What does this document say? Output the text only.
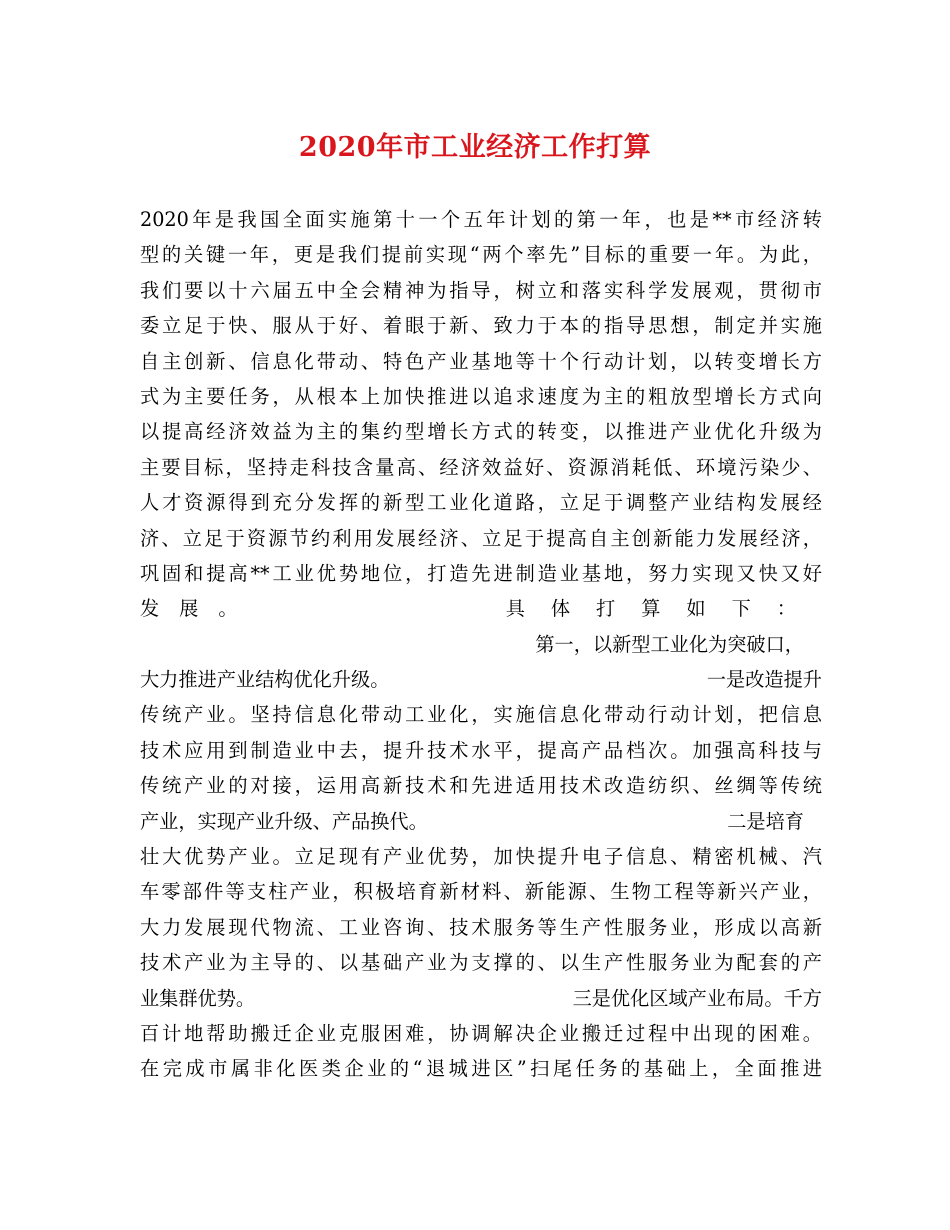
2020年市工业经济工作打算
2020年是我国全面实施第十一个五年计划的第一年，也是**市经济转
型的关键一年，更是我们提前实现“两个率先”目标的重要一年。为此，
我们要以十六届五中全会精神为指导，树立和落实科学发展观，贯彻市
委立足于快、服从于好、着眼于新、致力于本的指导思想，制定并实施
自主创新、信息化带动、特色产业基地等十个行动计划，以转变增长方
式为主要任务，从根本上加快推进以追求速度为主的粗放型增长方式向
以提高经济效益为主的集约型增长方式的转变，以推进产业优化升级为
主要目标，坚持走科技含量高、经济效益好、资源消耗低、环境污染少、
人才资源得到充分发挥的新型工业化道路，立足于调整产业结构发展经
济、立足于资源节约利用发展经济、立足于提高自主创新能力发展经济，
巩固和提高**工业优势地位，打造先进制造业基地，努力实现又快又好
发展。	具体打算如下：
第一，以新型工业化为突破口，
大力推进产业结构优化升级。	一是改造提升
传统产业。坚持信息化带动工业化，实施信息化带动行动计划，把信息
技术应用到制造业中去，提升技术水平，提高产品档次。加强高科技与
传统产业的对接，运用高新技术和先进适用技术改造纺织、丝绸等传统
产业，实现产业升级、产品换代。	二是培育
壮大优势产业。立足现有产业优势，加快提升电子信息、精密机械、汽
车零部件等支柱产业，积极培育新材料、新能源、生物工程等新兴产业，
大力发展现代物流、工业咨询、技术服务等生产性服务业，形成以高新
技术产业为主导的、以基础产业为支撑的、以生产性服务业为配套的产
业集群优势。	三是优化区域产业布局。千方
百计地帮助搬迁企业克服困难，协调解决企业搬迁过程中出现的困难。
在完成市属非化医类企业的“退城进区”扫尾任务的基础上，全面推进
